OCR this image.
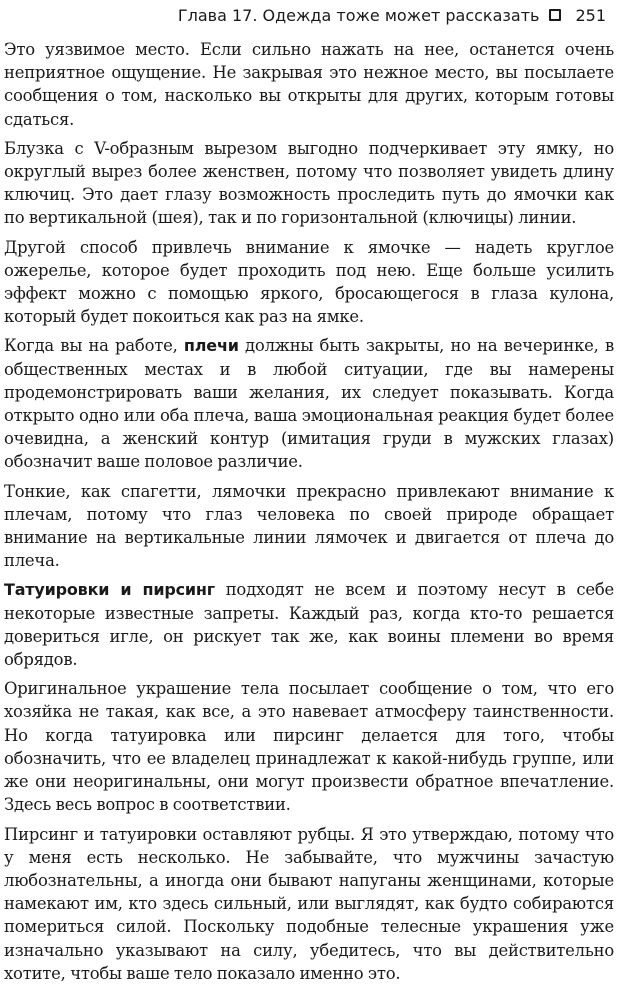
Глава 17. Одежда тоже может рассказать 251

Это уязвимое место. Если сильно нажать на нее, останется очень неприятное ощущение. Не закрывая это нежное место, вы посылаете сообщения о том, насколько вы открыты для других, которым готовы сдаться.

Блузка с V-образным вырезом выгодно подчеркивает эту ямку, но округлый вырез более женствен, потому что позволяет увидеть длину ключиц. Это дает глазу возможность проследить путь до ямочки как по вертикальной (шея), так и по горизонтальной (ключицы) линии.

Другой способ привлечь внимание к ямочке — надеть круглое ожерелье, которое будет проходить под нею. Еще больше усилить эффект можно с помощью яркого, бросающегося в глаза кулона, который будет покоиться как раз на ямке.

Когда вы на работе, плечи должны быть закрыты, но на вечеринке, в общественных местах и в любой ситуации, где вы намерены продемонстрировать ваши желания, их следует показывать. Когда открыто одно или оба плеча, ваша эмоциональная реакция будет более очевидна, а женский контур (имитация груди в мужских глазах) обозначит ваше половое различие.

Тонкие, как спагетти, лямочки прекрасно привлекают внимание к плечам, потому что глаз человека по своей природе обращает внимание на вертикальные линии лямочек и двигается от плеча до плеча.

Татуировки и пирсинг подходят не всем и поэтому несут в себе некоторые известные запреты. Каждый раз, когда кто-то решается довериться игле, он рискует так же, как воины племени во время обрядов.

Оригинальное украшение тела посылает сообщение о том, что его хозяйка не такая, как все, а это навевает атмосферу таинственности. Но когда татуировка или пирсинг делается для того, чтобы обозначить, что ее владелец принадлежат к какой-нибудь группе, или же они неоригинальны, они могут произвести обратное впечатление. Здесь весь вопрос в соответствии.

Пирсинг и татуировки оставляют рубцы. Я это утверждаю, потому что у меня есть несколько. Не забывайте, что мужчины зачастую любознательны, а иногда они бывают напуганы женщинами, которые намекают им, кто здесь сильный, или выглядят, как будто собираются помериться силой. Поскольку подобные телесные украшения уже изначально указывают на силу, убедитесь, что вы действительно хотите, чтобы ваше тело показало именно это.
